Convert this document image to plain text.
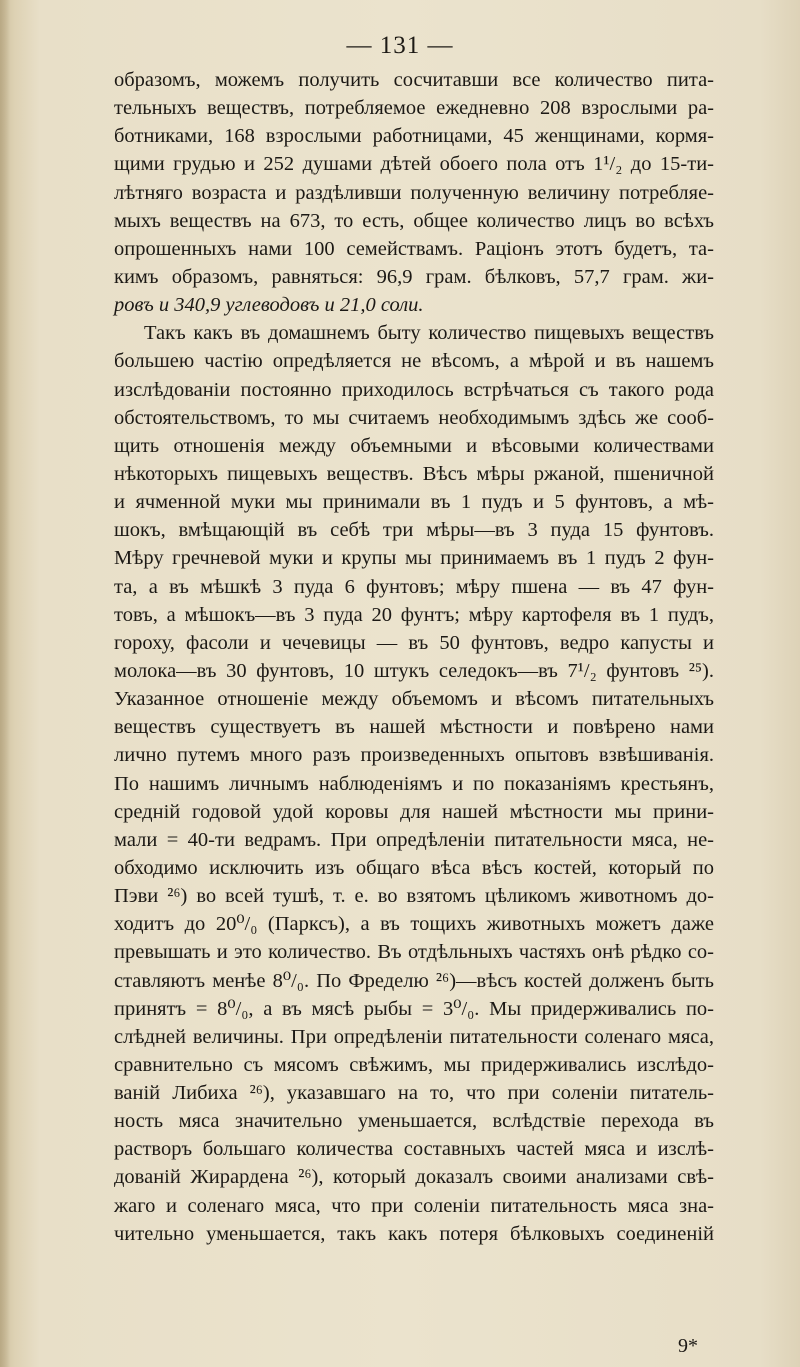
— 131 —
образомъ, можемъ получить сосчитавши все количество пита-
тельныхъ веществъ, потребляемое ежедневно 208 взрослыми ра-
ботниками, 168 взрослыми работницами, 45 женщинами, кормя-
щими грудью и 252 душами дѣтей обоего пола отъ 1¹/₂ до 15-ти-
лѣтняго возраста и раздѣливши полученную величину потребляе-
мыхъ веществъ на 673, то есть, общее количество лицъ во всѣхъ
опрошенныхъ нами 100 семействамъ. Раціонъ этотъ будетъ, та-
кимъ образомъ, равняться: 96,9 грам. бѣлковъ, 57,7 грам. жи-
ровъ и 340,9 углеводовъ и 21,0 соли.
Такъ какъ въ домашнемъ быту количество пищевыхъ веществъ
большею частію опредѣляется не вѣсомъ, а мѣрой и въ нашемъ
изслѣдованіи постоянно приходилось встрѣчаться съ такого рода
обстоятельствомъ, то мы считаемъ необходимымъ здѣсь же сооб-
щить отношенія между объемными и вѣсовыми количествами
нѣкоторыхъ пищевыхъ веществъ. Вѣсъ мѣры ржаной, пшеничной
и ячменной муки мы принимали въ 1 пудъ и 5 фунтовъ, а мѣ-
шокъ, вмѣщающій въ себѣ три мѣры—въ 3 пуда 15 фунтовъ.
Мѣру гречневой муки и крупы мы принимаемъ въ 1 пудъ 2 фун-
та, а въ мѣшкѣ 3 пуда 6 фунтовъ; мѣру пшена — въ 47 фун-
товъ, а мѣшокъ—въ 3 пуда 20 фунтъ; мѣру картофеля въ 1 пудъ,
гороху, фасоли и чечевицы — въ 50 фунтовъ, ведро капусты и
молока—въ 30 фунтовъ, 10 штукъ селедокъ—въ 7¹/₂ фунтовъ ²⁵).
Указанное отношеніе между объемомъ и вѣсомъ питательныхъ
веществъ существуетъ въ нашей мѣстности и повѣрено нами
лично путемъ много разъ произведенныхъ опытовъ взвѣшиванія.
По нашимъ личнымъ наблюденіямъ и по показаніямъ крестьянъ,
средній годовой удой коровы для нашей мѣстности мы прини-
мали = 40-ти ведрамъ. При опредѣленіи питательности мяса, не-
обходимо исключить изъ общаго вѣса вѣсъ костей, который по
Пэви ²⁶) во всей тушѣ, т. е. во взятомъ цѣликомъ животномъ до-
ходитъ до 20⁰/₀ (Парксъ), а въ тощихъ животныхъ можетъ даже
превышать и это количество. Въ отдѣльныхъ частяхъ онѣ рѣдко со-
ставляютъ менѣе 8⁰/₀. По Фределю ²⁶)—вѣсъ костей долженъ быть
принятъ = 8⁰/₀, а въ мясѣ рыбы = 3⁰/₀. Мы придерживались по-
слѣдней величины. При опредѣленіи питательности соленаго мяса,
сравнительно съ мясомъ свѣжимъ, мы придерживались изслѣдо-
ваній Либиха ²⁶), указавшаго на то, что при соленіи питатель-
ность мяса значительно уменьшается, вслѣдствіе перехода въ
растворъ большаго количества составныхъ частей мяса и изслѣ-
дованій Жирардена ²⁶), который доказалъ своими анализами свѣ-
жаго и соленаго мяса, что при соленіи питательность мяса зна-
чительно уменьшается, такъ какъ потеря бѣлковыхъ соединеній
9*
